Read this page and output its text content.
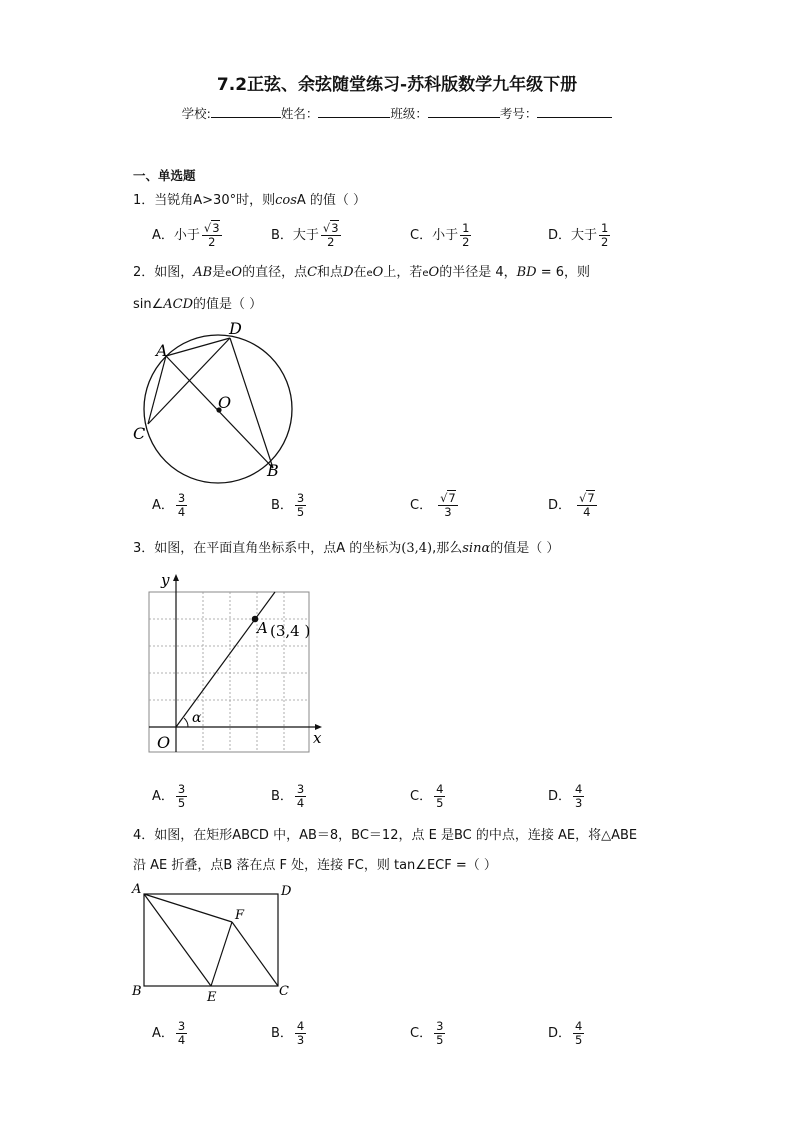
7.2正弦、余弦随堂练习-苏科版数学九年级下册
学校:	姓名：	班级：	考号：
一、单选题
1．当锐角A>30°时，则cosA 的值（ ）
A．小于 $\frac{√3}{2}$	B．大于 $\frac{√3}{2}$	C．小于 $\frac{1}{2}$	D．大于 $\frac{1}{2}$
2．如图，AB是eO的直径，点C和点D在eO上，若eO的半径是 4，BD = 6，则
sin∠ACD的值是（ ）
A
D
O
C
B
A． $\frac{3}{4}$	B． $\frac{3}{5}$	C． $\frac{√7}{3}$	D． $\frac{√7}{4}$
3．如图，在平面直角坐标系中，点A 的坐标为(3,4),那么sinα的值是（ ）
y
x
O
α
A (3,4 )
A． $\frac{3}{5}$	B． $\frac{3}{4}$	C． $\frac{4}{5}$	D． $\frac{4}{3}$
4．如图，在矩形ABCD 中，AB＝8，BC＝12，点 E 是BC 的中点，连接 AE，将△ABE
沿 AE 折叠，点B 落在点 F 处，连接 FC，则 tan∠ECF =（ ）
A	D
F
B	E	C
A． $\frac{3}{4}$	B． $\frac{4}{3}$	C． $\frac{3}{5}$	D． $\frac{4}{5}$
